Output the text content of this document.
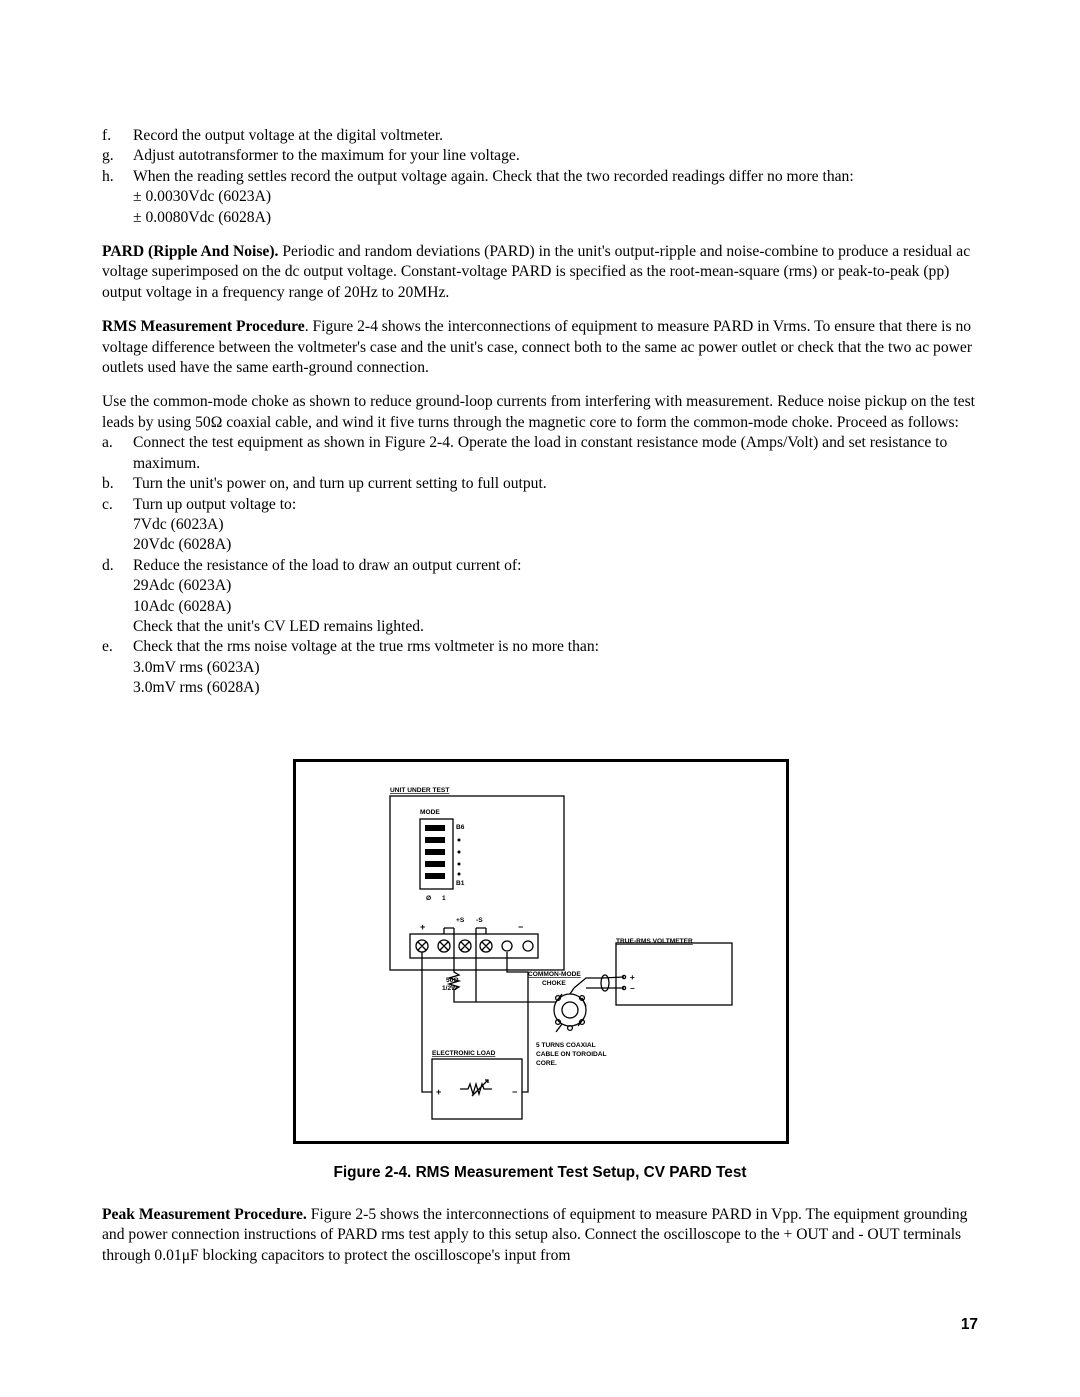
f.	Record the output voltage at the digital voltmeter.
g.	Adjust autotransformer to the maximum for your line voltage.
h.	When the reading settles record the output voltage again. Check that the two recorded readings differ no more than:
± 0.0030Vdc (6023A)
± 0.0080Vdc (6028A)

PARD (Ripple And Noise). Periodic and random deviations (PARD) in the unit's output-ripple and noise-combine to produce a residual ac voltage superimposed on the dc output voltage. Constant-voltage PARD is specified as the root-mean-square (rms) or peak-to-peak (pp) output voltage in a frequency range of 20Hz to 20MHz.

RMS Measurement Procedure. Figure 2-4 shows the interconnections of equipment to measure PARD in Vrms. To ensure that there is no voltage difference between the voltmeter's case and the unit's case, connect both to the same ac power outlet or check that the two ac power outlets used have the same earth-ground connection.

Use the common-mode choke as shown to reduce ground-loop currents from interfering with measurement. Reduce noise pickup on the test leads by using 50Ω coaxial cable, and wind it five turns through the magnetic core to form the common-mode choke. Proceed as follows:

a.	Connect the test equipment as shown in Figure 2-4. Operate the load in constant resistance mode (Amps/Volt) and set resistance to maximum.
b.	Turn the unit's power on, and turn up current setting to full output.
c.	Turn up output voltage to:
7Vdc (6023A)
20Vdc (6028A)
d.	Reduce the resistance of the load to draw an output current of:
29Adc (6023A)
10Adc (6028A)
Check that the unit's CV LED remains lighted.
e.	Check that the rms noise voltage at the true rms voltmeter is no more than:
3.0mV rms (6023A)
3.0mV rms (6028A)
UNIT UNDER TEST
MODE
B6
B1
Ø 1
+
+S -S
−
50Ω
1/2W
COMMON-MODE
CHOKE
TRUE-RMS VOLTMETER
+
−
5 TURNS COAXIAL
CABLE ON TOROIDAL
CORE.
ELECTRONIC LOAD
+	−
Figure 2-4. RMS Measurement Test Setup, CV PARD Test

Peak Measurement Procedure. Figure 2-5 shows the interconnections of equipment to measure PARD in Vpp. The equipment grounding and power connection instructions of PARD rms test apply to this setup also. Connect the oscilloscope to the + OUT and - OUT terminals through 0.01μF blocking capacitors to protect the oscilloscope's input from

17
